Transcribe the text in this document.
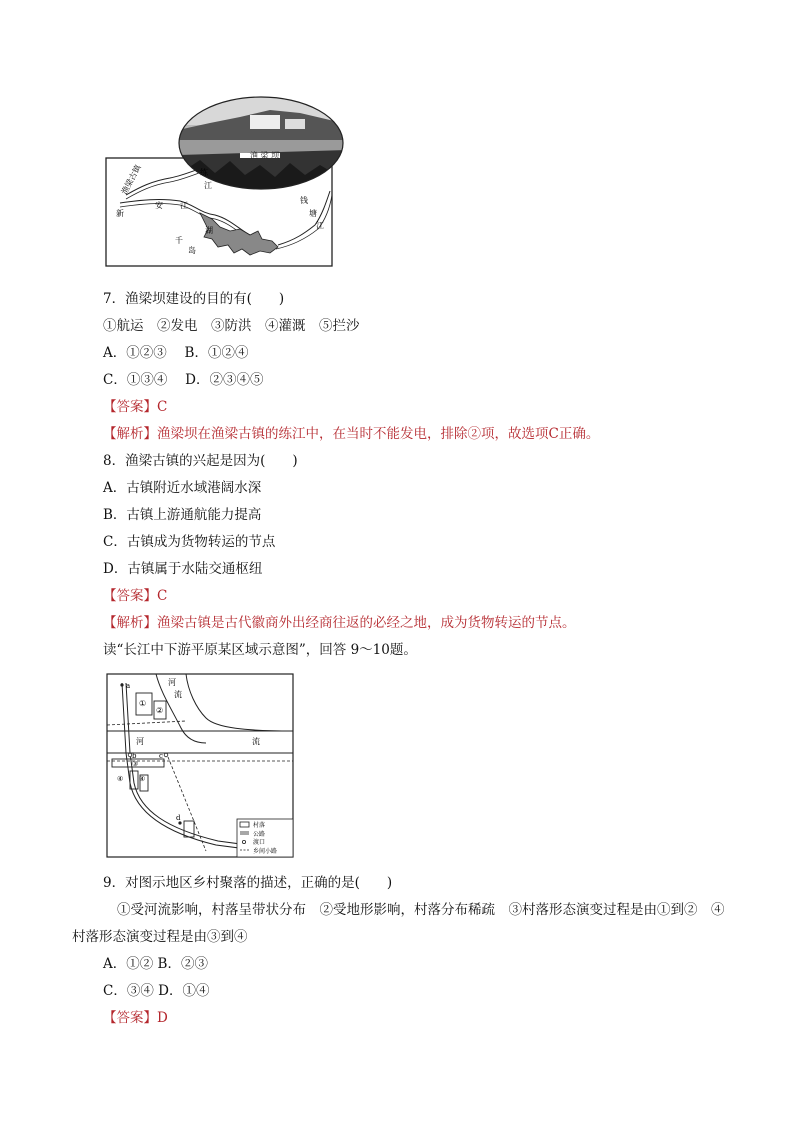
渔梁古镇	练
江
新
安 江
钱
塘
江
千
岛
湖
渔 梁 坝
7．渔梁坝建设的目的有(　　)
①航运　②发电　③防洪　④灌溉　⑤拦沙
A．①②③　 B．①②④
C．①③④　 D．②③④⑤
【答案】C
【解析】渔梁坝在渔梁古镇的练江中，在当时不能发电，排除②项，故选项C正确。
8．渔梁古镇的兴起是因为(　　)
A．古镇附近水域港阔水深
B．古镇上游通航能力提高
C．古镇成为货物转运的节点
D．古镇属于水陆交通枢纽
【答案】C
【解析】渔梁古镇是古代徽商外出经商往返的必经之地，成为货物转运的节点。
读“长江中下游平原某区域示意图”，回答 9～10题。
a	河
流
河	流
①
②
b	c
③
④ ④
d
村落
公路
渡口
乡间小路
9．对图示地区乡村聚落的描述，正确的是(　　)
①受河流影响，村落呈带状分布　②受地形影响，村落分布稀疏　③村落形态演变过程是由①到②　④
村落形态演变过程是由③到④
A．①② B．②③
C．③④ D．①④
【答案】D
